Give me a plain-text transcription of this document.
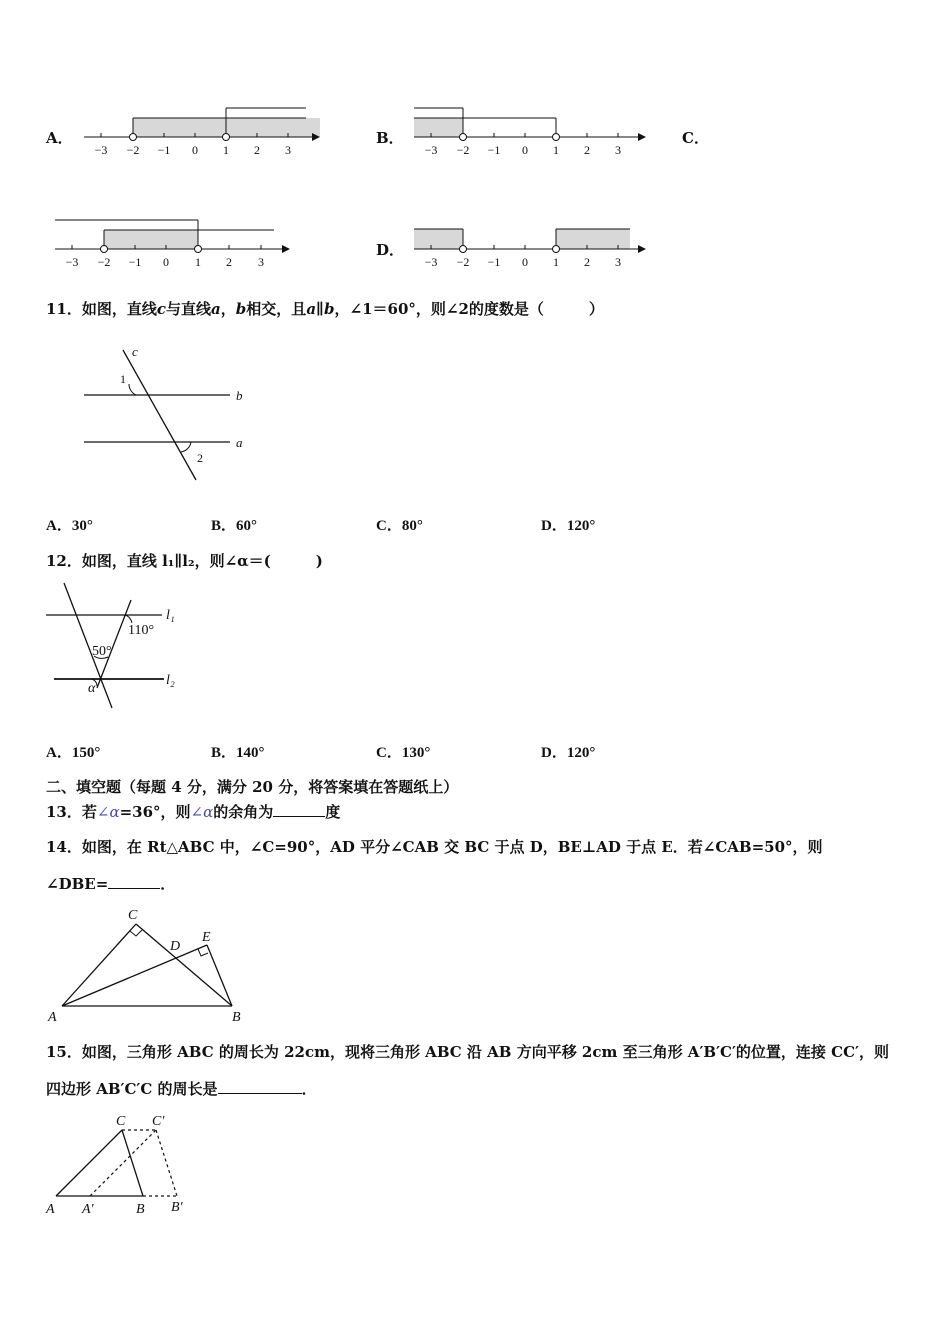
A．
−3 −2 −1 0 1 2 3
B．
−3 −2 −1 0 1 2 3
C．
−3 −2 −1 0 1 2 3
D．
−3 −2 −1 0 1 2 3
11．如图，直线c与直线a，b相交，且a∥b，∠1＝60°，则∠2的度数是（　　　）
c
b
a
1
2
A．30°	B．60°	C．80°	D．120°
12．如图，直线 l₁∥l₂，则∠α＝(　　　)
l₁
l₂
110°
50°
α
A．150°	B．140°	C．130°	D．120°
二、填空题（每题 4 分，满分 20 分，将答案填在答题纸上）
13．若∠α=36°，则∠α的余角为	度
14．如图，在 Rt△ABC 中，∠C=90°，AD 平分∠CAB 交 BC 于点 D，BE⊥AD 于点 E．若∠CAB=50°，则
∠DBE=	．
A	B
C
D
E
15．如图，三角形 ABC 的周长为 22cm，现将三角形 ABC 沿 AB 方向平移 2cm 至三角形 A′B′C′的位置，连接 CC′，则
四边形 AB′C′C 的周长是	．
A A′	B B′
C C′
